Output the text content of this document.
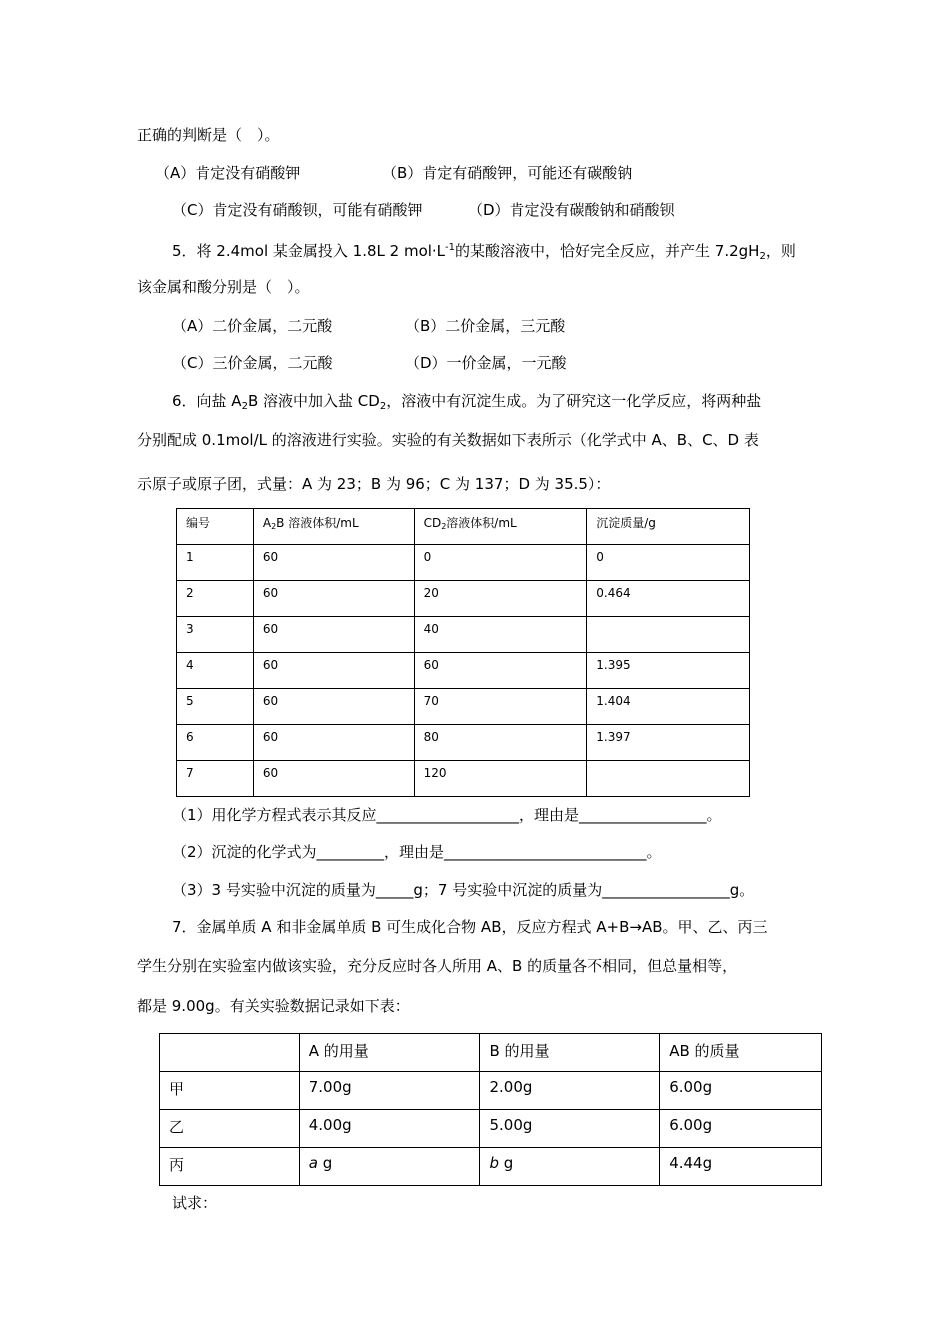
正确的判断是（　）。
（A）肯定没有硝酸钾	（B）肯定有硝酸钾，可能还有碳酸钠
（C）肯定没有硝酸钡，可能有硝酸钾	（D）肯定没有碳酸钠和硝酸钡
5．将 2.4mol 某金属投入 1.8L 2 $mol\cdot L^{-1}$的某酸溶液中，恰好完全反应，并产生 $7.2gH_2$，则
该金属和酸分别是（　）。
（A）二价金属，二元酸	（B）二价金属，三元酸
（C）三价金属，二元酸	（D）一价金属，一元酸
6．向盐 $A_2B$ 溶液中加入盐 $CD_2$，溶液中有沉淀生成。为了研究这一化学反应，将两种盐
分别配成 0.1mol/L 的溶液进行实验。实验的有关数据如下表所示（化学式中 A、B、C、D 表
示原子或原子团，式量：A 为 23；B 为 96；C 为 137；D 为 35.5）：
编号	$A_2B$ 溶液体积/mL	$CD_2$溶液体积/mL	沉淀质量/g
1	60	0	0
2	60	20	0.464
3	60	40	
4	60	60	1.395
5	60	70	1.404
6	60	80	1.397
7	60	120	
（1）用化学方程式表示其反应___________________，理由是_________________。
（2）沉淀的化学式为_________，理由是___________________________。
（3）3 号实验中沉淀的质量为_____g；7 号实验中沉淀的质量为_________________g。
7．金属单质 A 和非金属单质 B 可生成化合物 AB，反应方程式 A+B→AB。甲、乙、丙三
学生分别在实验室内做该实验，充分反应时各人所用 A、B 的质量各不相同，但总量相等，
都是 9.00g。有关实验数据记录如下表：
	A 的用量	B 的用量	AB 的质量
甲	7.00g	2.00g	6.00g
乙	4.00g	5.00g	6.00g
丙	a g	b g	4.44g
试求：
